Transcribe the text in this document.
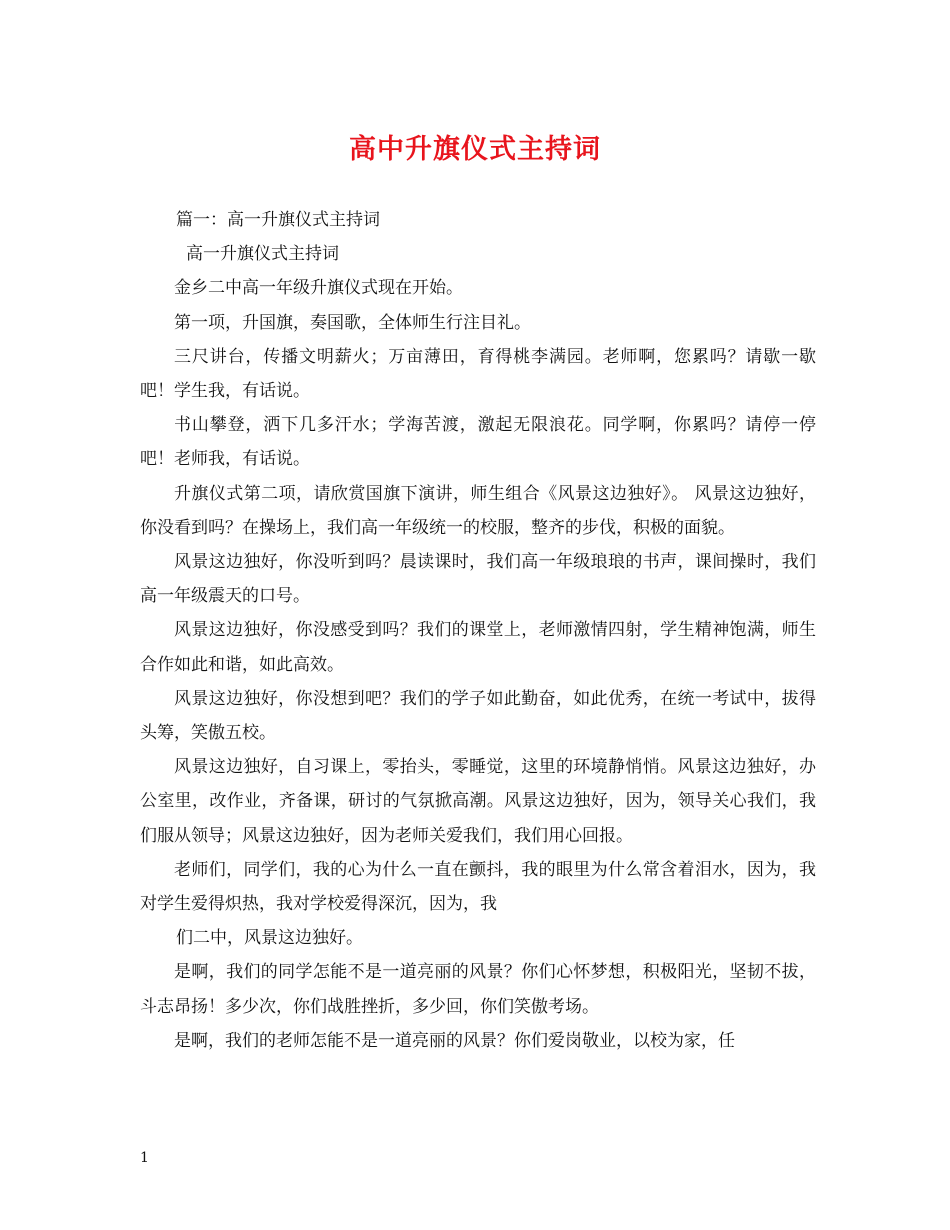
高中升旗仪式主持词

篇一：高一升旗仪式主持词

高一升旗仪式主持词

金乡二中高一年级升旗仪式现在开始。

第一项，升国旗，奏国歌，全体师生行注目礼。

三尺讲台，传播文明薪火；万亩薄田，育得桃李满园。老师啊，您累吗？请歇一歇吧！学生我，有话说。

书山攀登，洒下几多汗水；学海苦渡，激起无限浪花。同学啊，你累吗？请停一停吧！老师我，有话说。

升旗仪式第二项，请欣赏国旗下演讲，师生组合《风景这边独好》。 风景这边独好，你没看到吗？在操场上，我们高一年级统一的校服，整齐的步伐，积极的面貌。

风景这边独好，你没听到吗？晨读课时，我们高一年级琅琅的书声，课间操时，我们高一年级震天的口号。

风景这边独好，你没感受到吗？我们的课堂上，老师激情四射，学生精神饱满，师生合作如此和谐，如此高效。

风景这边独好，你没想到吧？我们的学子如此勤奋，如此优秀，在统一考试中，拔得头筹，笑傲五校。

风景这边独好，自习课上，零抬头，零睡觉，这里的环境静悄悄。风景这边独好，办公室里，改作业，齐备课，研讨的气氛掀高潮。风景这边独好，因为，领导关心我们，我们服从领导；风景这边独好，因为老师关爱我们，我们用心回报。

老师们，同学们，我的心为什么一直在颤抖，我的眼里为什么常含着泪水，因为，我对学生爱得炽热，我对学校爱得深沉，因为，我

们二中，风景这边独好。

是啊，我们的同学怎能不是一道亮丽的风景？你们心怀梦想，积极阳光，坚韧不拔，斗志昂扬！多少次，你们战胜挫折，多少回，你们笑傲考场。

是啊，我们的老师怎能不是一道亮丽的风景？你们爱岗敬业，以校为家，任

1
